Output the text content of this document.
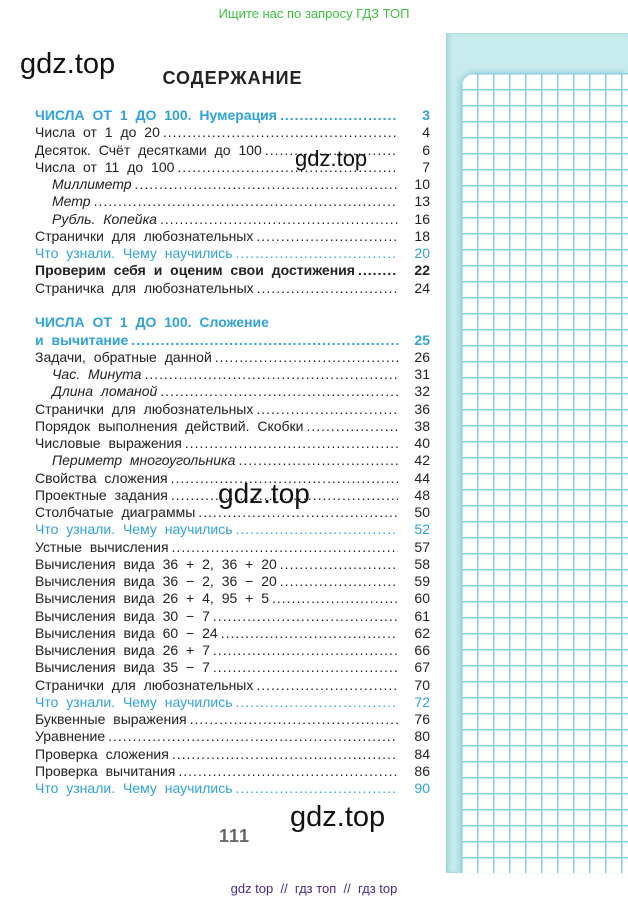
Ищите нас по запросу ГДЗ ТОП
СОДЕРЖАНИЕ
ЧИСЛА ОТ 1 ДО 100. Нумерация .....	3
Числа от 1 до 20 .....	4
Десяток. Счёт десятками до 100 .....	6
Числа от 11 до 100 .....	7
Миллиметр .....	10
Метр .....	13
Рубль. Копейка .....	16
Странички для любознательных .....	18
Что узнали. Чему научились .....	20
Проверим себя и оценим свои достижения .....	22
Страничка для любознательных .....	24
ЧИСЛА ОТ 1 ДО 100. Сложение
и вычитание .....	25
Задачи, обратные данной .....	26
Час. Минута .....	31
Длина ломаной .....	32
Странички для любознательных .....	36
Порядок выполнения действий. Скобки .....	38
Числовые выражения .....	40
Периметр многоугольника .....	42
Свойства сложения .....	44
Проектные задания .....	48
Столбчатые диаграммы .....	50
Что узнали. Чему научились .....	52
Устные вычисления .....	57
Вычисления вида 36 + 2, 36 + 20 .....	58
Вычисления вида 36 − 2, 36 − 20 .....	59
Вычисления вида 26 + 4, 95 + 5 .....	60
Вычисления вида 30 − 7 .....	61
Вычисления вида 60 − 24 .....	62
Вычисления вида 26 + 7 .....	66
Вычисления вида 35 − 7 .....	67
Странички для любознательных .....	70
Что узнали. Чему научились .....	72
Буквенные выражения .....	76
Уравнение .....	80
Проверка сложения .....	84
Проверка вычитания .....	86
Что узнали. Чему научились .....	90
gdz.top
gdz.top
gdz.top
gdz.top
111
gdz top  //  гдз топ  //  гдз top
